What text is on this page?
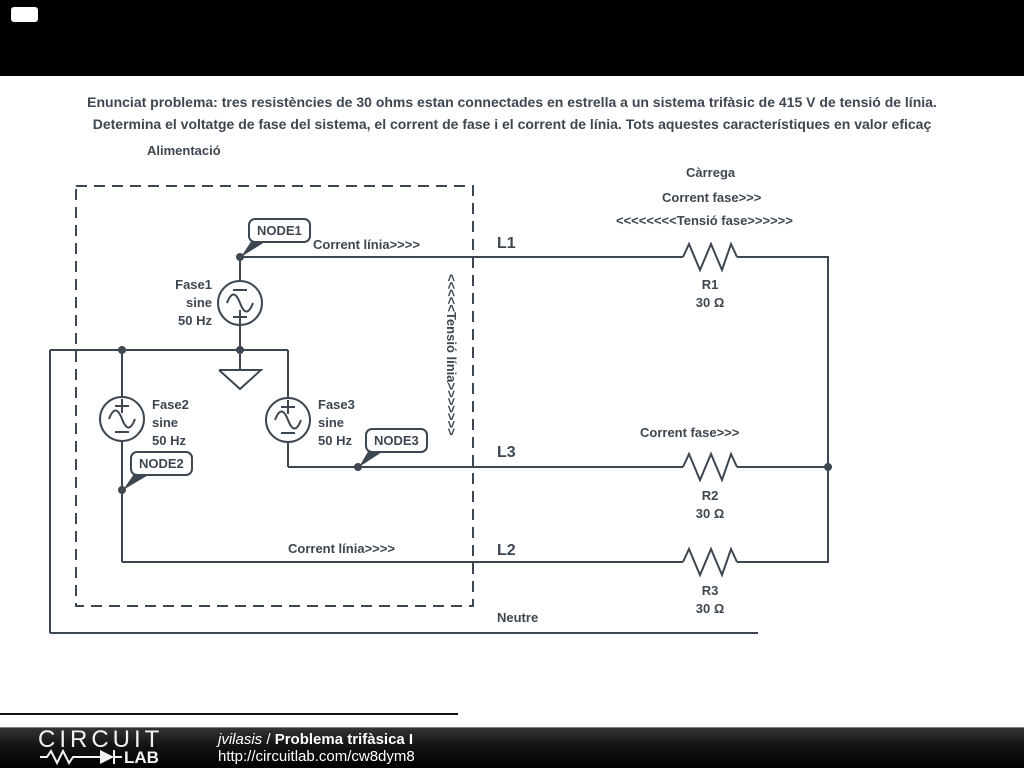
Enunciat problema: tres resistències de 30 ohms estan connectades en estrella a un sistema trifàsic de 415 V de tensió de línia.
Determina el voltatge de fase del sistema, el corrent de fase i el corrent de línia. Tots aquestes característiques en valor eficaç
Alimentació
Càrrega
Corrent fase>>>
<<<<<<<<Tensió fase>>>>>>
Corrent línia>>>>
Corrent fase>>>
Corrent línia>>>>
<<<<<Tensió línia>>>>>>>
L1
L3
L2
Neutre
Fase1
sine
50 Hz
Fase2
sine
50 Hz
Fase3
sine
50 Hz
R1
30 Ω
R2
30 Ω
R3
30 Ω
NODE1
NODE2
NODE3
CIRCUIT
LAB
jvilasis / Problema trifàsica I
http://circuitlab.com/cw8dym8
